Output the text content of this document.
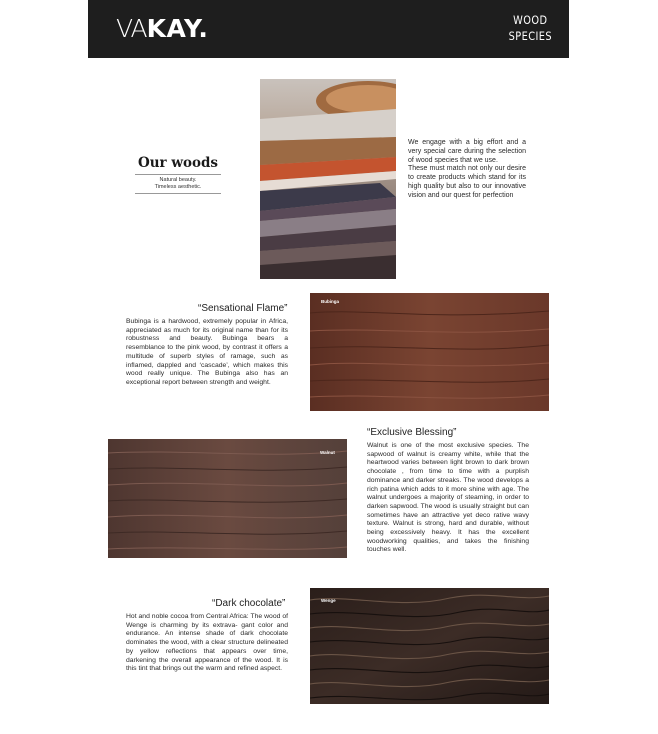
VAKAY.	WOOD
SPECIES
Our woods
Natural beauty.
Timeless aesthetic.
We engage with a big effort and a very special care during the selection of wood species that we use.
These must match not only our desire to create products which stand for its high quality but also to our innovative vision and our quest for perfection
“Sensational Flame”
Bubinga is a hardwood, extremely popular in Africa, appreciated as much for its original name than for its robustness and beauty. Bubinga bears a resemblance to the pink wood, by contrast it offers a multitude of superb styles of ramage, such as inflamed, dappled and ‘cascade’, which makes this wood really unique. The Bubinga also has an exceptional report between strength and weight.
Bubinga
Walnut
“Exclusive Blessing”
Walnut is one of the most exclusive species. The sapwood of walnut is creamy white, while that the heartwood varies between light brown to dark brown chocolate , from time to time with a purplish dominance and darker streaks. The wood develops a rich patina which adds to it more shine with age. The walnut undergoes a majority of steaming, in order to darken sapwood. The wood is usually straight but can sometimes have an attractive yet deco rative wavy texture. Walnut is strong, hard and durable, without being excessively heavy. It has the excellent woodworking qualities, and takes the finishing touches well.
“Dark chocolate”
Hot and noble cocoa from Central Africa: The wood of Wenge is charming by its extrava- gant color and endurance. An intense shade of dark chocolate dominates the wood, with a clear structure delineated by yellow reflections that appears over time, darkening the overall appearance of the wood. It is this tint that brings out the warm and refined aspect.
Wenge
